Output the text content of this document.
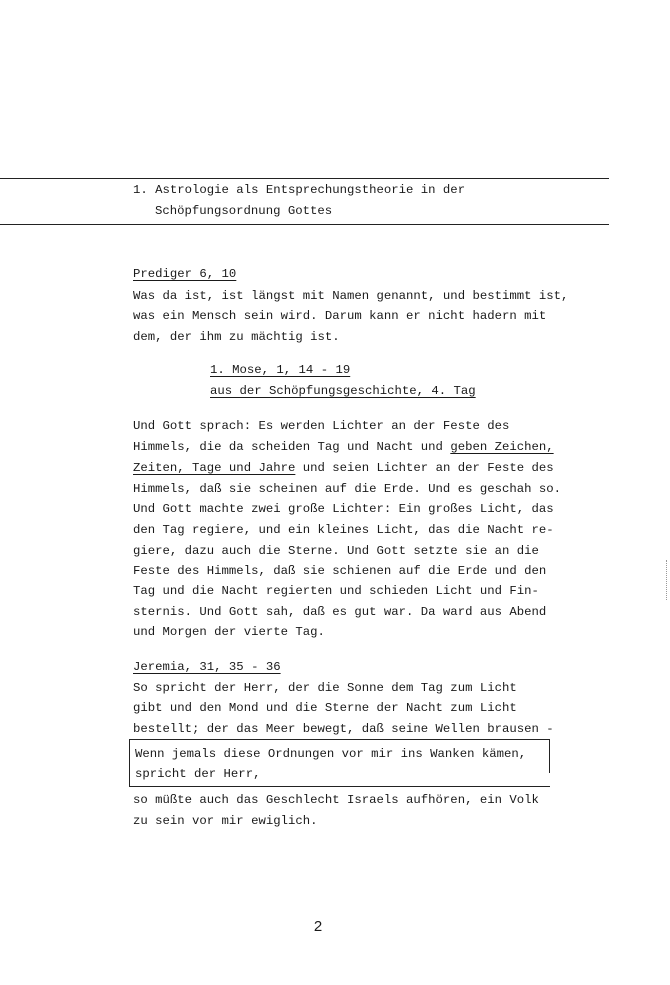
1. Astrologie als Entsprechungstheorie in der
Schöpfungsordnung Gottes
Prediger 6, 10
Was da ist, ist längst mit Namen genannt, und bestimmt ist,
was ein Mensch sein wird. Darum kann er nicht hadern mit
dem, der ihm zu mächtig ist.
1. Mose, 1, 14 - 19
aus der Schöpfungsgeschichte, 4. Tag
Und Gott sprach: Es werden Lichter an der Feste des
Himmels, die da scheiden Tag und Nacht und geben Zeichen,
Zeiten, Tage und Jahre und seien Lichter an der Feste des
Himmels, daß sie scheinen auf die Erde. Und es geschah so.
Und Gott machte zwei große Lichter: Ein großes Licht, das
den Tag regiere, und ein kleines Licht, das die Nacht re-
giere, dazu auch die Sterne. Und Gott setzte sie an die
Feste des Himmels, daß sie schienen auf die Erde und den
Tag und die Nacht regierten und schieden Licht und Fin-
sternis. Und Gott sah, daß es gut war. Da ward aus Abend
und Morgen der vierte Tag.
Jeremia, 31, 35 - 36
So spricht der Herr, der die Sonne dem Tag zum Licht
gibt und den Mond und die Sterne der Nacht zum Licht
bestellt; der das Meer bewegt, daß seine Wellen brausen -
Wenn jemals diese Ordnungen vor mir ins Wanken kämen,
spricht der Herr,
so müßte auch das Geschlecht Israels aufhören, ein Volk
zu sein vor mir ewiglich.
2
